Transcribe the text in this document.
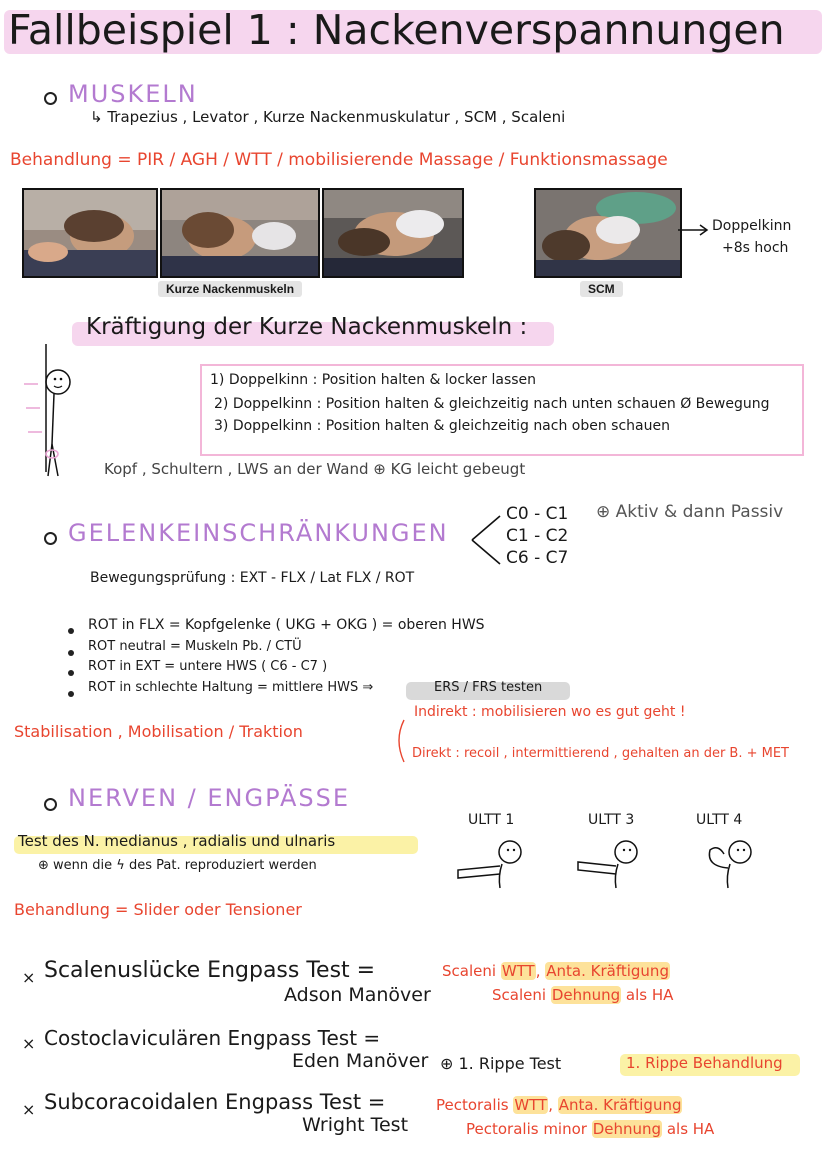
Fallbeispiel 1 : Nackenverspannungen
MUSKELN
↳ Trapezius , Levator , Kurze Nackenmuskulatur , SCM , Scaleni
Behandlung = PIR / AGH / WTT / mobilisierende Massage / Funktionsmassage
Kurze Nackenmuskeln	SCM
Doppelkinn
+8s hoch
Kräftigung der Kurze Nackenmuskeln :
1) Doppelkinn : Position halten & locker lassen
2) Doppelkinn : Position halten & gleichzeitig nach unten schauen Ø Bewegung
3) Doppelkinn : Position halten & gleichzeitig nach oben schauen
Kopf , Schultern , LWS an der Wand ⊕ KG leicht gebeugt
GELENKEINSCHRÄNKUNGEN
C0 - C1
C1 - C2
C6 - C7
⊕ Aktiv & dann Passiv
Bewegungsprüfung : EXT - FLX / Lat FLX / ROT
ROT in FLX = Kopfgelenke ( UKG + OKG ) = oberen HWS
ROT neutral = Muskeln Pb. / CTÜ
ROT in EXT = untere HWS ( C6 - C7 )
ROT in schlechte Haltung = mittlere HWS ⇒	ERS / FRS testen
Stabilisation , Mobilisation / Traktion
Indirekt : mobilisieren wo es gut geht !
Direkt : recoil , intermittierend , gehalten an der B. + MET
NERVEN / ENGPÄSSE
Test des N. medianus , radialis und ulnaris
⊕ wenn die ϟ des Pat. reproduziert werden
Behandlung = Slider oder Tensioner
ULTT 1	ULTT 3	ULTT 4
× Scalenuslücke Engpass Test =
Adson Manöver
Scaleni WTT, Anta. Kräftigung
Scaleni Dehnung als HA
× Costoclaviculären Engpass Test =
Eden Manöver ⊕ 1. Rippe Test	1. Rippe Behandlung
× Subcoracoidalen Engpass Test =
Wright Test
Pectoralis WTT, Anta. Kräftigung
Pectoralis minor Dehnung als HA
